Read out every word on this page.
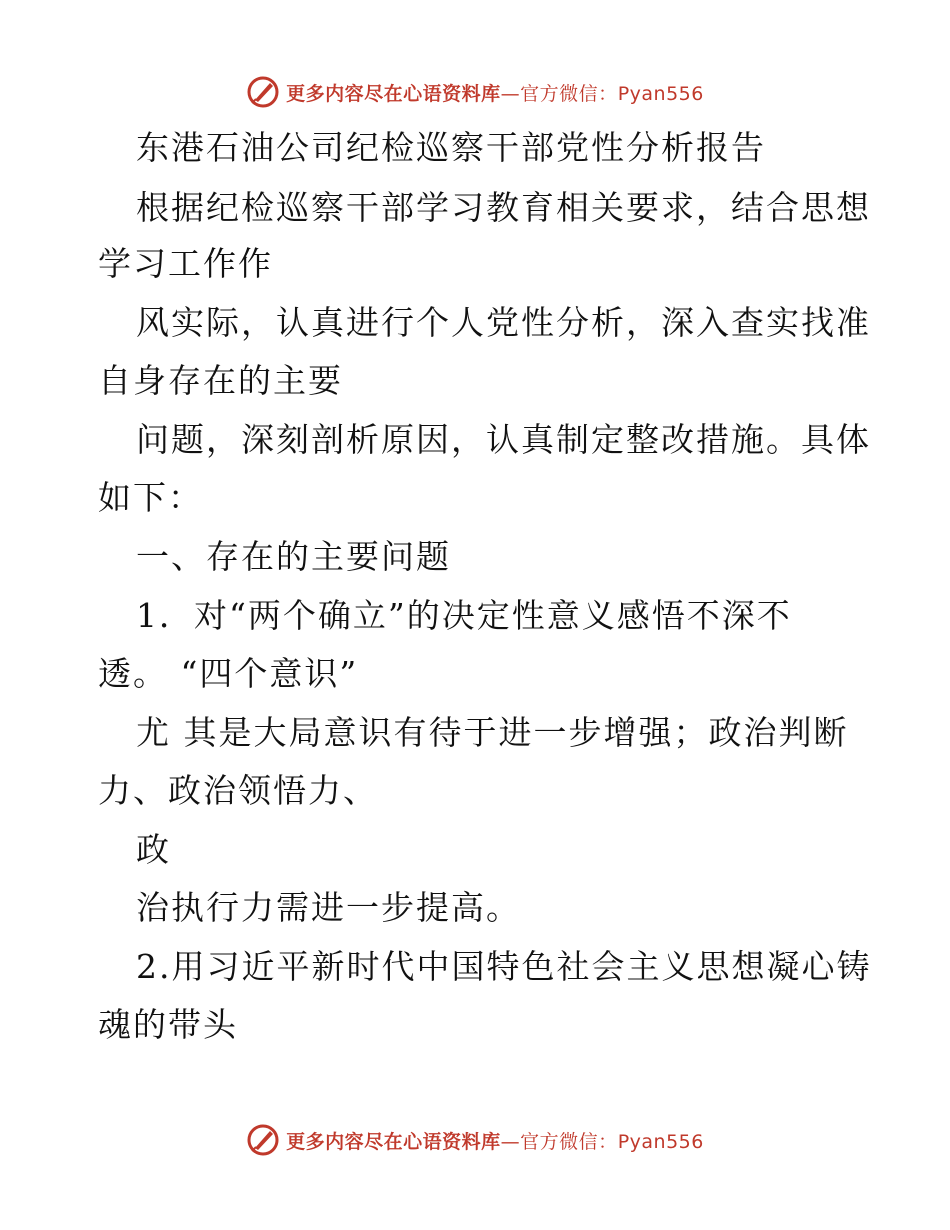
更多内容尽在心语资料库—官方微信：Pyan556
东港石油公司纪检巡察干部党性分析报告
根据纪检巡察干部学习教育相关要求，结合思想
学习工作作
风实际，认真进行个人党性分析，深入查实找准
自身存在的主要
问题，深刻剖析原因，认真制定整改措施。具体
如下：
一、存在的主要问题
1．对“两个确立”的决定性意义感悟不深不
透。 “四个意识”
尤 其是大局意识有待于进一步增强；政治判断
力、政治领悟力、
政
治执行力需进一步提高。
2.用习近平新时代中国特色社会主义思想凝心铸
魂的带头
更多内容尽在心语资料库—官方微信：Pyan556
